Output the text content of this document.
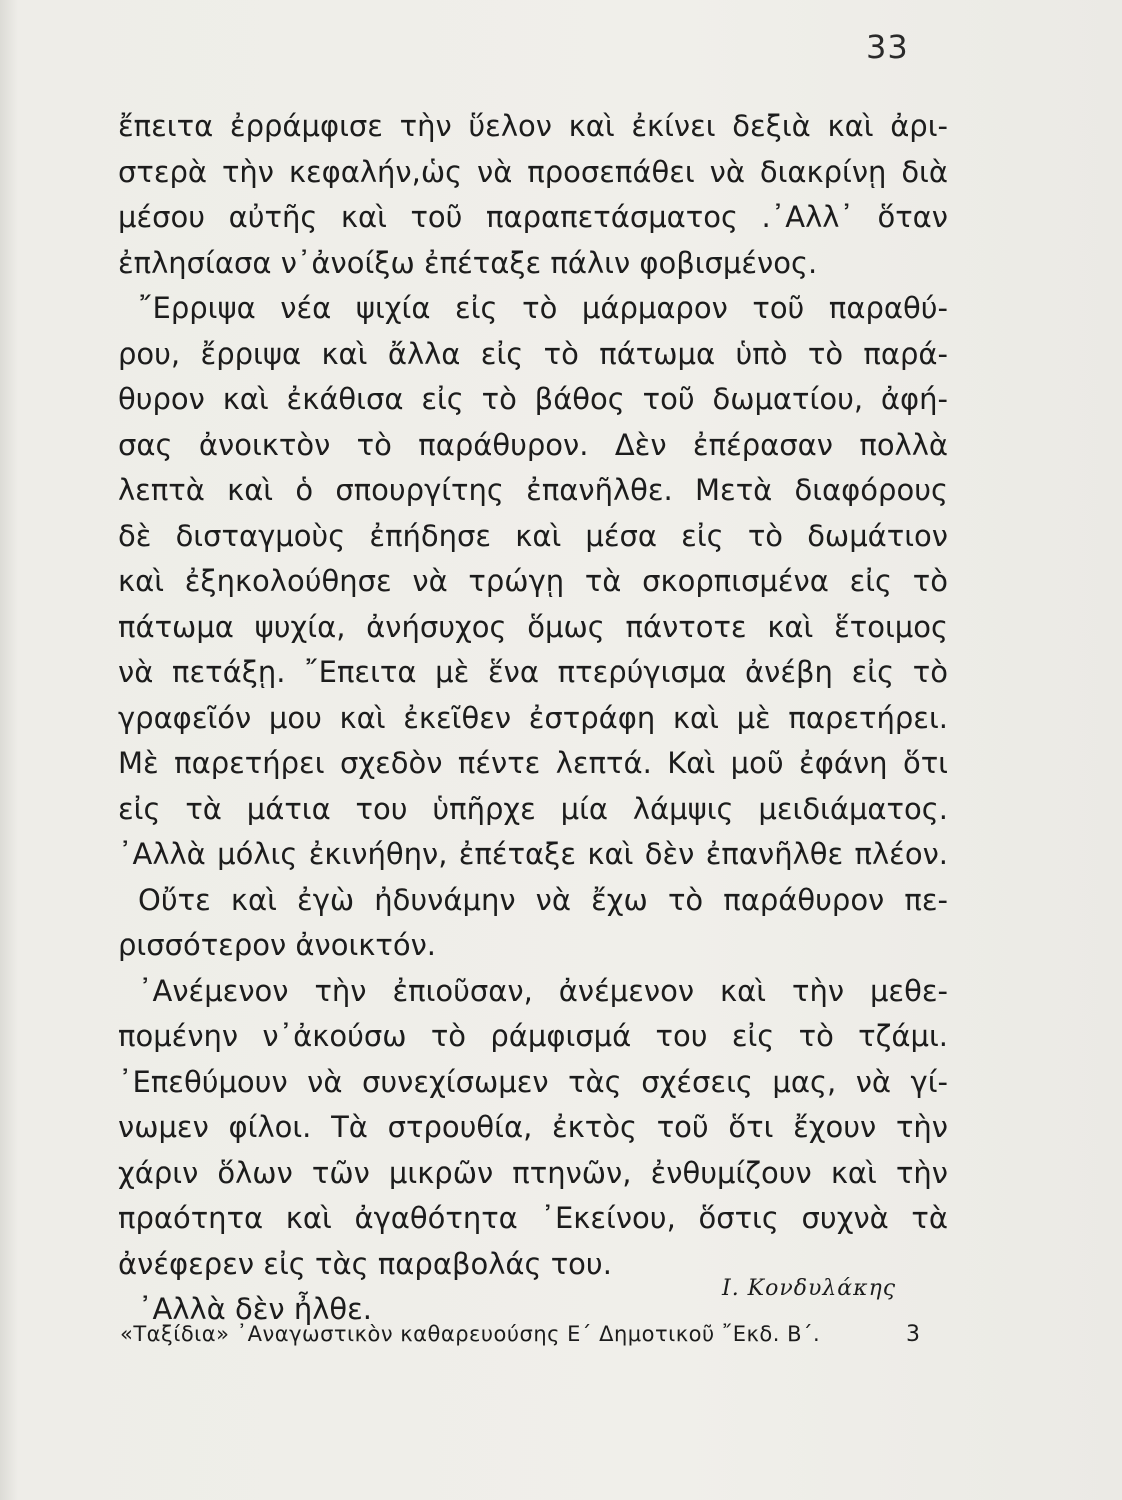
33
ἔπειτα ἐρράμφισε τὴν ὕελον καὶ ἐκίνει δεξιὰ καὶ ἀρι-
στερὰ τὴν κεφαλήν,ὡς νὰ προσεπάθει νὰ διακρίνῃ διὰ
μέσου αὐτῆς καὶ τοῦ παραπετάσματος .᾿Αλλ᾿ ὅταν
ἐπλησίασα ν᾿ἀνοίξω ἐπέταξε πάλιν φοβισμένος.
῎Ερριψα νέα ψιχία εἰς τὸ μάρμαρον τοῦ παραθύ-
ρου, ἔρριψα καὶ ἄλλα εἰς τὸ πάτωμα ὑπὸ τὸ παρά-
θυρον καὶ ἐκάθισα εἰς τὸ βάθος τοῦ δωματίου, ἀφή-
σας ἀνοικτὸν τὸ παράθυρον. Δὲν ἐπέρασαν πολλὰ
λεπτὰ καὶ ὁ σπουργίτης ἐπανῆλθε. Μετὰ διαφόρους
δὲ δισταγμοὺς ἐπήδησε καὶ μέσα εἰς τὸ δωμάτιον
καὶ ἐξηκολούθησε νὰ τρώγῃ τὰ σκορπισμένα εἰς τὸ
πάτωμα ψυχία, ἀνήσυχος ὅμως πάντοτε καὶ ἕτοιμος
νὰ πετάξῃ. ῎Επειτα μὲ ἕνα πτερύγισμα ἀνέβη εἰς τὸ
γραφεῖόν μου καὶ ἐκεῖθεν ἐστράφη καὶ μὲ παρετήρει.
Μὲ παρετήρει σχεδὸν πέντε λεπτά. Καὶ μοῦ ἐφάνη ὅτι
εἰς τὰ μάτια του ὑπῆρχε μία λάμψις μειδιάματος.
᾿Αλλὰ μόλις ἐκινήθην, ἐπέταξε καὶ δὲν ἐπανῆλθε πλέον.
Οὔτε καὶ ἐγὼ ἠδυνάμην νὰ ἔχω τὸ παράθυρον πε-
ρισσότερον ἀνοικτόν.
᾿Ανέμενον τὴν ἐπιοῦσαν, ἀνέμενον καὶ τὴν μεθε-
πομένην ν᾿ἀκούσω τὸ ράμφισμά του εἰς τὸ τζάμι.
᾿Επεθύμουν νὰ συνεχίσωμεν τὰς σχέσεις μας, νὰ γί-
νωμεν φίλοι. Τὰ στρουθία, ἐκτὸς τοῦ ὅτι ἔχουν τὴν
χάριν ὅλων τῶν μικρῶν πτηνῶν, ἐνθυμίζουν καὶ τὴν
πραότητα καὶ ἀγαθότητα ᾿Εκείνου, ὅστις συχνὰ τὰ
ἀνέφερεν εἰς τὰς παραβολάς του.
᾿Αλλὰ δὲν ἦλθε.
Ι. Κονδυλάκης
«Ταξίδια» ᾿Αναγωστικὸν καθαρευούσης Ε΄ Δημοτικοῦ ῎Εκδ. Β΄.	3
